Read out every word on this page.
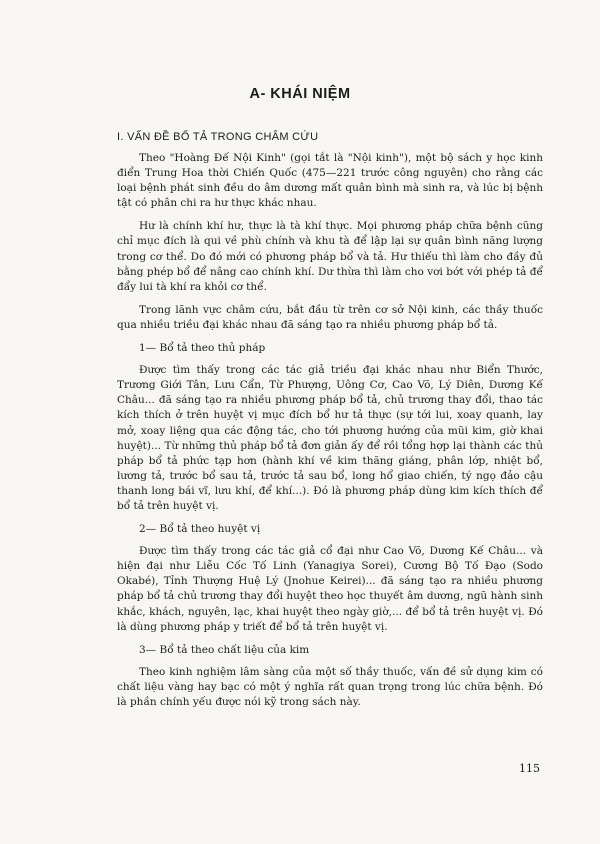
A- KHÁI NIỆM
I. VẤN ĐỀ BỔ TẢ TRONG CHÂM CỨU

Theo "Hoàng Đế Nội Kinh" (gọi tắt là "Nội kinh"), một bộ sách y học kinh điển Trung Hoa thời Chiến Quốc (475—221 trước công nguyên) cho rằng các loại bệnh phát sinh đều do âm dương mất quân bình mà sinh ra, và lúc bị bệnh tật có phân chi ra hư thực khác nhau.

Hư là chính khí hư, thực là tà khí thực. Mọi phương pháp chữa bệnh cũng chỉ mục đích là qui về phù chính và khu tà để lập lại sự quân bình năng lượng trong cơ thể. Do đó mới có phương pháp bổ và tả. Hư thiếu thì làm cho đầy đủ bằng phép bổ để nâng cao chính khí. Dư thừa thì làm cho vơi bớt với phép tả để đẩy lui tà khí ra khỏi cơ thể.

Trong lãnh vực châm cứu, bắt đầu từ trên cơ sở Nội kinh, các thầy thuốc qua nhiều triều đại khác nhau đã sáng tạo ra nhiều phương pháp bổ tả.

1— Bổ tả theo thủ pháp

Được tìm thấy trong các tác giả triều đại khác nhau như Biển Thước, Trương Giới Tân, Lưu Cẩn, Từ Phượng, Uông Cơ, Cao Võ, Lý Diên, Dương Kế Châu... đã sáng tạo ra nhiều phương pháp bổ tả, chủ trương thay đổi, thao tác kích thích ở trên huyệt vị mục đích bổ hư tả thực (sự tới lui, xoay quanh, lay mở, xoay liệng qua các động tác, cho tới phương hướng của mũi kim, giờ khai huyệt)... Từ những thủ pháp bổ tả đơn giản ấy để rồi tổng hợp lại thành các thủ pháp bổ tả phức tạp hơn (hành khí về kim thăng giáng, phân lớp, nhiệt bổ, lương tả, trước bổ sau tả, trước tả sau bổ, long hổ giao chiến, tý ngọ đảo cậu thanh long bái vĩ, lưu khí, để khí...). Đó là phương pháp dùng kim kích thích để bổ tả trên huyệt vị.

2— Bổ tả theo huyệt vị

Được tìm thấy trong các tác giả cổ đại như Cao Võ, Dương Kế Châu... và hiện đại như Liễu Cốc Tố Linh (Yanagiya Sorei), Cương Bộ Tố Đạo (Sodo Okabé), Tỉnh Thượng Huệ Lý (Jnohue Keirei)... đã sáng tạo ra nhiều phương pháp bổ tả chủ trương thay đổi huyệt theo học thuyết âm dương, ngũ hành sinh khắc, khách, nguyên, lạc, khai huyệt theo ngày giờ,... để bổ tả trên huyệt vị. Đó là dùng phương pháp y triết để bổ tả trên huyệt vị.

3— Bổ tả theo chất liệu của kim

Theo kinh nghiệm lâm sàng của một số thầy thuốc, vấn đề sử dụng kim có chất liệu vàng hay bạc có một ý nghĩa rất quan trọng trong lúc chữa bệnh. Đó là phần chính yếu được nói kỹ trong sách này.

115
